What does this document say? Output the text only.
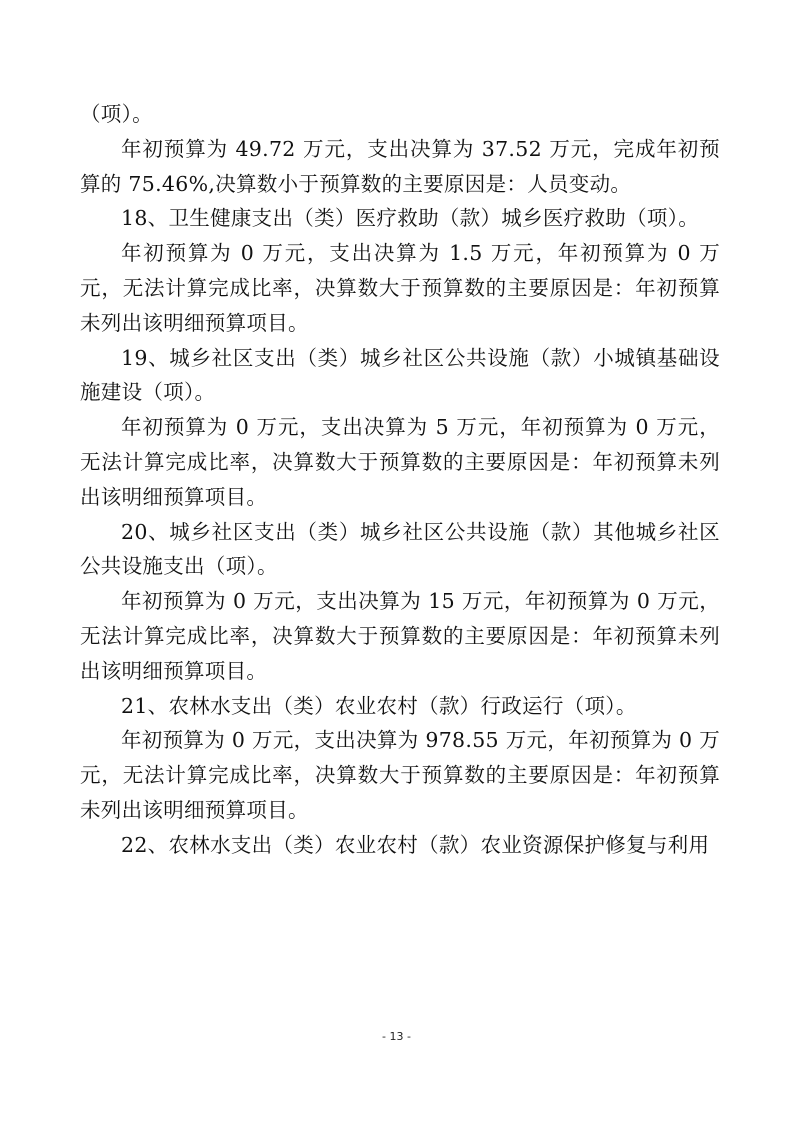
（项）。

年初预算为 49.72 万元，支出决算为 37.52 万元，完成年初预算的 75.46%,决算数小于预算数的主要原因是：人员变动。

18、卫生健康支出（类）医疗救助（款）城乡医疗救助（项）。

年初预算为 0 万元，支出决算为 1.5 万元，年初预算为 0 万元，无法计算完成比率，决算数大于预算数的主要原因是：年初预算未列出该明细预算项目。

19、城乡社区支出（类）城乡社区公共设施（款）小城镇基础设施建设（项）。

年初预算为 0 万元，支出决算为 5 万元，年初预算为 0 万元，无法计算完成比率，决算数大于预算数的主要原因是：年初预算未列出该明细预算项目。

20、城乡社区支出（类）城乡社区公共设施（款）其他城乡社区公共设施支出（项）。

年初预算为 0 万元，支出决算为 15 万元，年初预算为 0 万元，无法计算完成比率，决算数大于预算数的主要原因是：年初预算未列出该明细预算项目。

21、农林水支出（类）农业农村（款）行政运行（项）。

年初预算为 0 万元，支出决算为 978.55 万元，年初预算为 0 万元，无法计算完成比率，决算数大于预算数的主要原因是：年初预算未列出该明细预算项目。

22、农林水支出（类）农业农村（款）农业资源保护修复与利用

- 13 -
